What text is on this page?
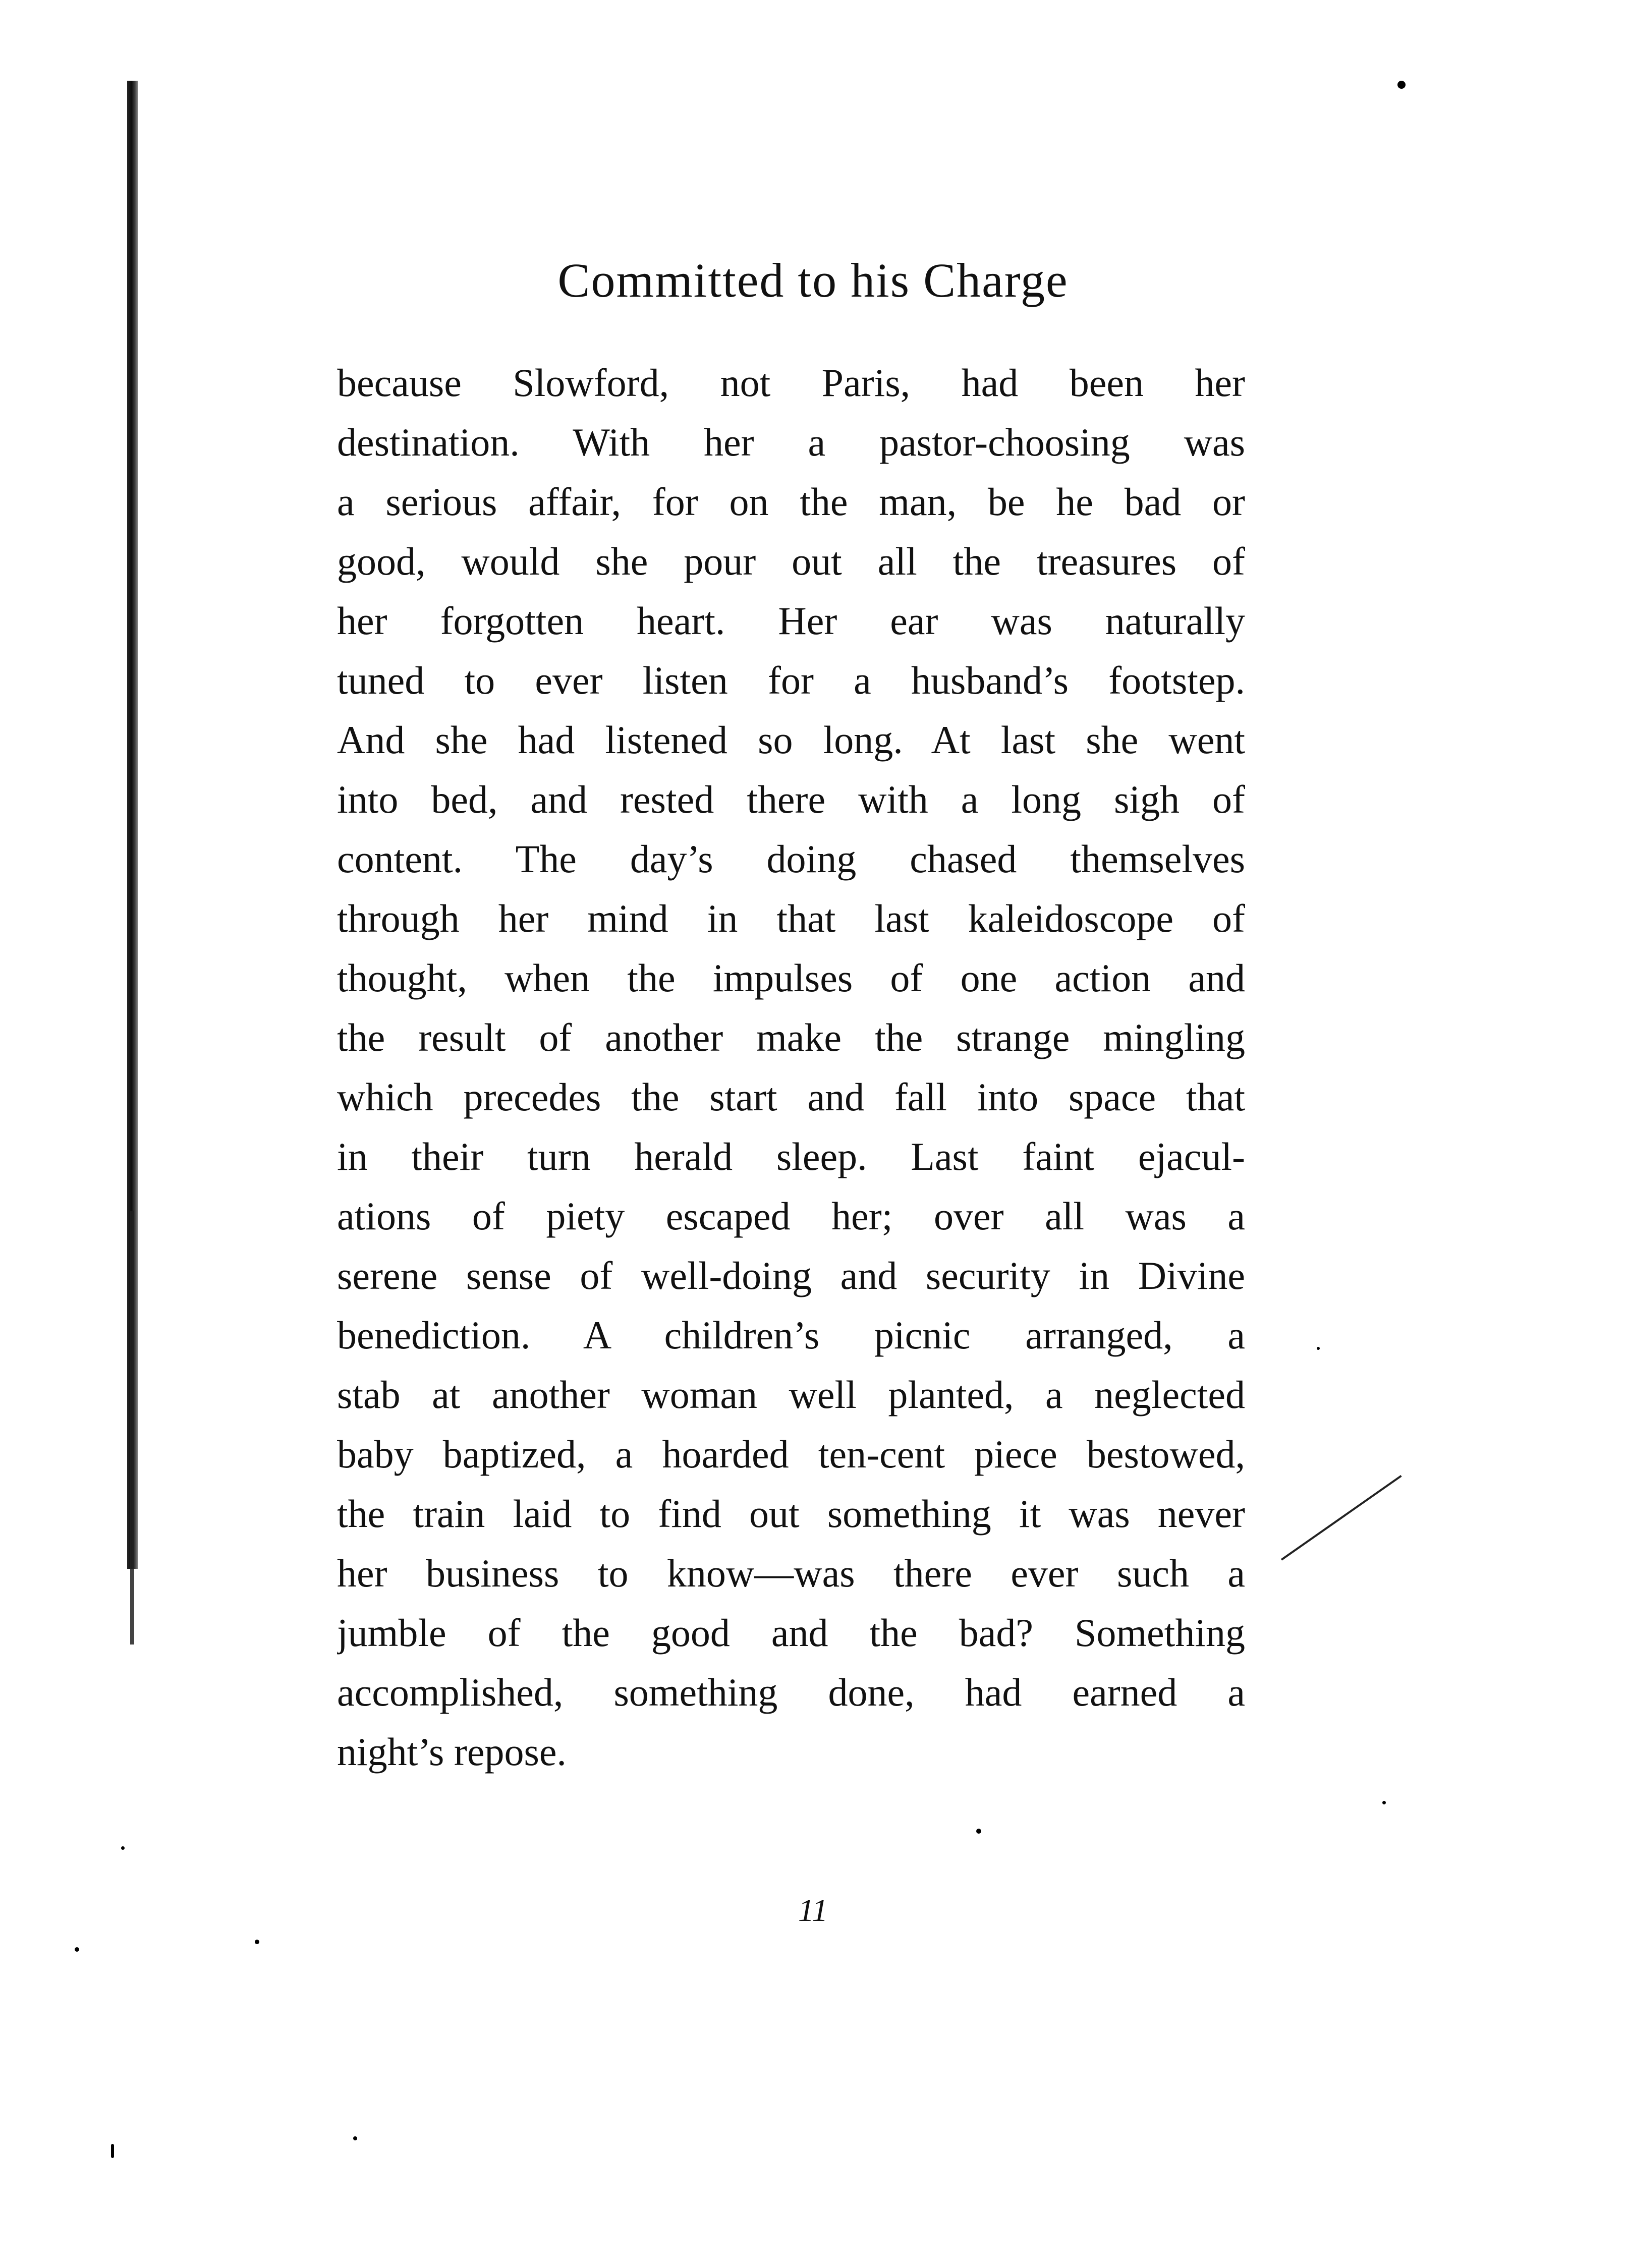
Committed to his Charge
because Slowford, not Paris, had been her
destination. With her a pastor-choosing was
a serious affair, for on the man, be he bad or
good, would she pour out all the treasures of
her forgotten heart. Her ear was naturally
tuned to ever listen for a husband’s footstep.
And she had listened so long. At last she went
into bed, and rested there with a long sigh of
content. The day’s doing chased themselves
through her mind in that last kaleidoscope of
thought, when the impulses of one action and
the result of another make the strange mingling
which precedes the start and fall into space that
in their turn herald sleep. Last faint ejacul-
ations of piety escaped her; over all was a
serene sense of well-doing and security in Divine
benediction. A children’s picnic arranged, a
stab at another woman well planted, a neglected
baby baptized, a hoarded ten-cent piece bestowed,
the train laid to find out something it was never
her business to know—was there ever such a
jumble of the good and the bad? Something
accomplished, something done, had earned a
night’s repose.
11
